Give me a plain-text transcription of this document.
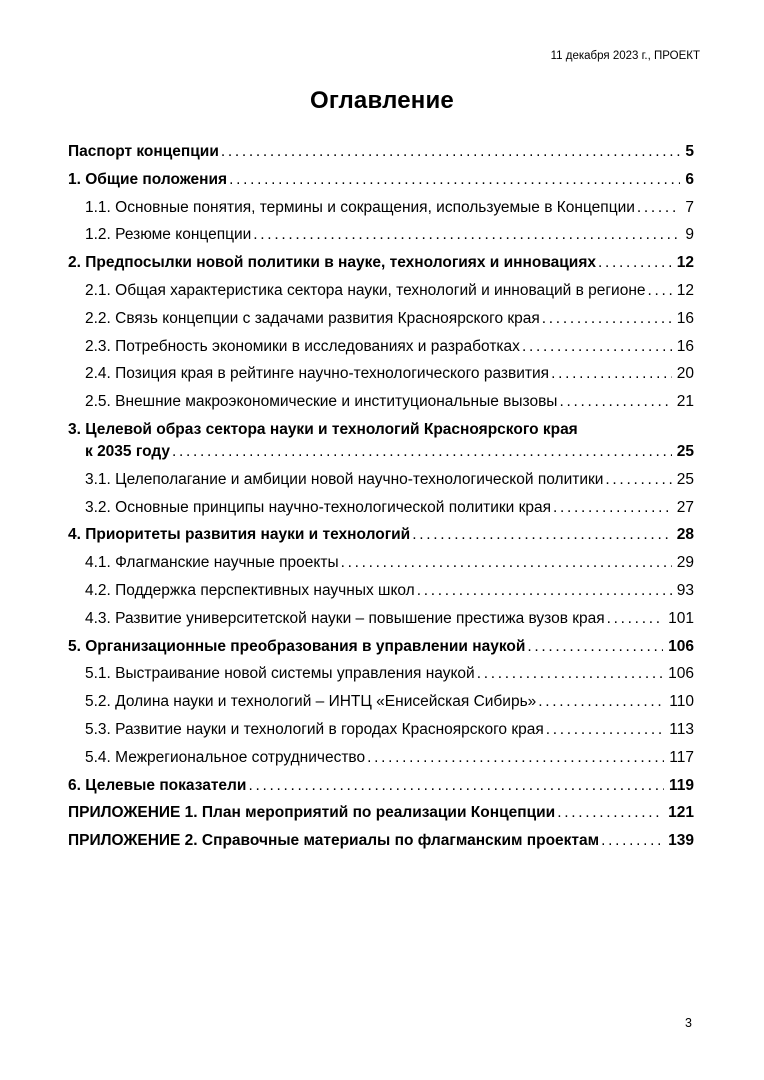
11 декабря 2023 г., ПРОЕКТ
Оглавление
Паспорт концепции .....	5
1. Общие положения .....	6
1.1. Основные понятия, термины и сокращения, используемые в Концепции .....	7
1.2. Резюме концепции .....	9
2. Предпосылки новой политики в науке, технологиях и инновациях .....	12
2.1. Общая характеристика сектора науки, технологий и инноваций в регионе ..... 12
2.2. Связь концепции с задачами развития Красноярского края .....	16
2.3. Потребность экономики в исследованиях и разработках .....	16
2.4. Позиция края в рейтинге научно-технологического развития .....	20
2.5. Внешние макроэкономические и институциональные вызовы .....	21
3. Целевой образ сектора науки и технологий Красноярского края
к 2035 году .....	25
3.1. Целеполагание и амбиции новой научно-технологической политики .....	25
3.2. Основные принципы научно-технологической политики края .....	27
4. Приоритеты развития науки и технологий .....	28
4.1. Флагманские научные проекты .....	29
4.2. Поддержка перспективных научных школ .....	93
4.3. Развитие университетской науки – повышение престижа вузов края .....	101
5. Организационные преобразования в управлении наукой .....	106
5.1. Выстраивание новой системы управления наукой .....	106
5.2. Долина науки и технологий – ИНТЦ «Енисейская Сибирь» .....	110
5.3. Развитие науки и технологий в городах Красноярского края .....	113
5.4. Межрегиональное сотрудничество .....	117
6. Целевые показатели .....	119
ПРИЛОЖЕНИЕ 1. План мероприятий по реализации Концепции .....	121
ПРИЛОЖЕНИЕ 2. Справочные материалы по флагманским проектам .....	139
3
